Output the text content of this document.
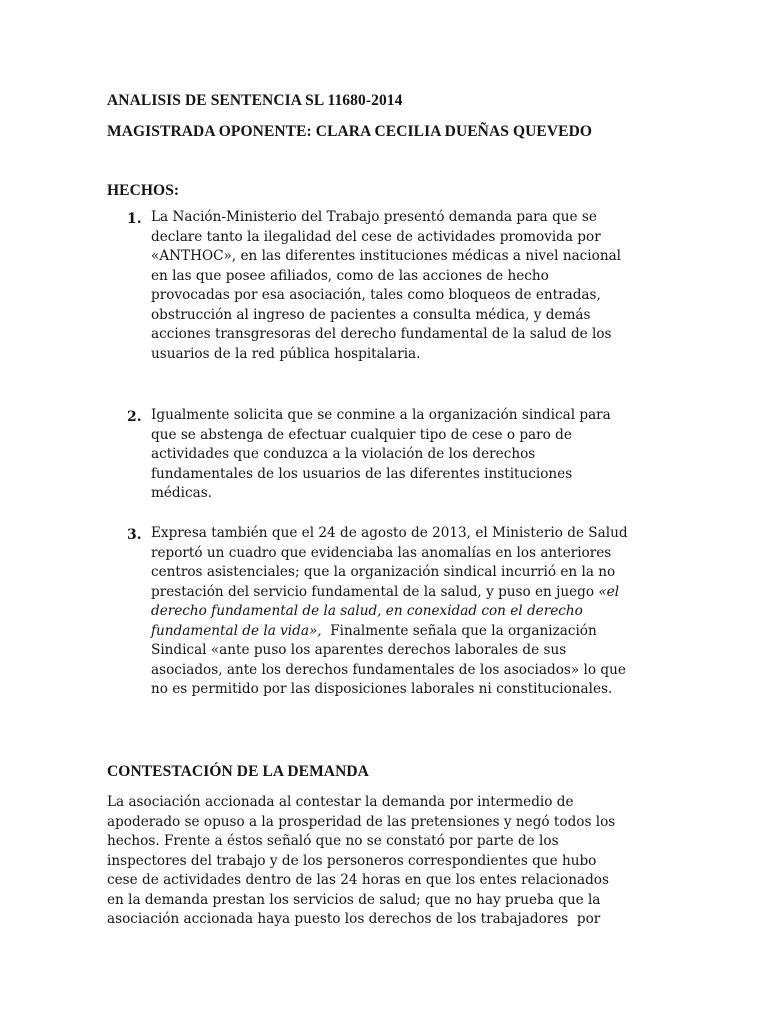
ANALISIS DE SENTENCIA SL 11680-2014
MAGISTRADA OPONENTE: CLARA CECILIA DUEÑAS QUEVEDO
HECHOS:
1. La Nación-Ministerio del Trabajo presentó demanda para que se
declare tanto la ilegalidad del cese de actividades promovida por
«ANTHOC», en las diferentes instituciones médicas a nivel nacional
en las que posee afiliados, como de las acciones de hecho
provocadas por esa asociación, tales como bloqueos de entradas,
obstrucción al ingreso de pacientes a consulta médica, y demás
acciones transgresoras del derecho fundamental de la salud de los
usuarios de la red pública hospitalaria.

2. Igualmente solicita que se conmine a la organización sindical para
que se abstenga de efectuar cualquier tipo de cese o paro de
actividades que conduzca a la violación de los derechos
fundamentales de los usuarios de las diferentes instituciones
médicas.

3. Expresa también que el 24 de agosto de 2013, el Ministerio de Salud
reportó un cuadro que evidenciaba las anomalías en los anteriores
centros asistenciales; que la organización sindical incurrió en la no
prestación del servicio fundamental de la salud, y puso en juego «el
derecho fundamental de la salud, en conexidad con el derecho
fundamental de la vida»,  Finalmente señala que la organización
Sindical «ante puso los aparentes derechos laborales de sus
asociados, ante los derechos fundamentales de los asociados» lo que
no es permitido por las disposiciones laborales ni constitucionales.

CONTESTACIÓN DE LA DEMANDA

La asociación accionada al contestar la demanda por intermedio de
apoderado se opuso a la prosperidad de las pretensiones y negó todos los
hechos. Frente a éstos señaló que no se constató por parte de los
inspectores del trabajo y de los personeros correspondientes que hubo
cese de actividades dentro de las 24 horas en que los entes relacionados
en la demanda prestan los servicios de salud; que no hay prueba que la
asociación accionada haya puesto los derechos de los trabajadores  por
